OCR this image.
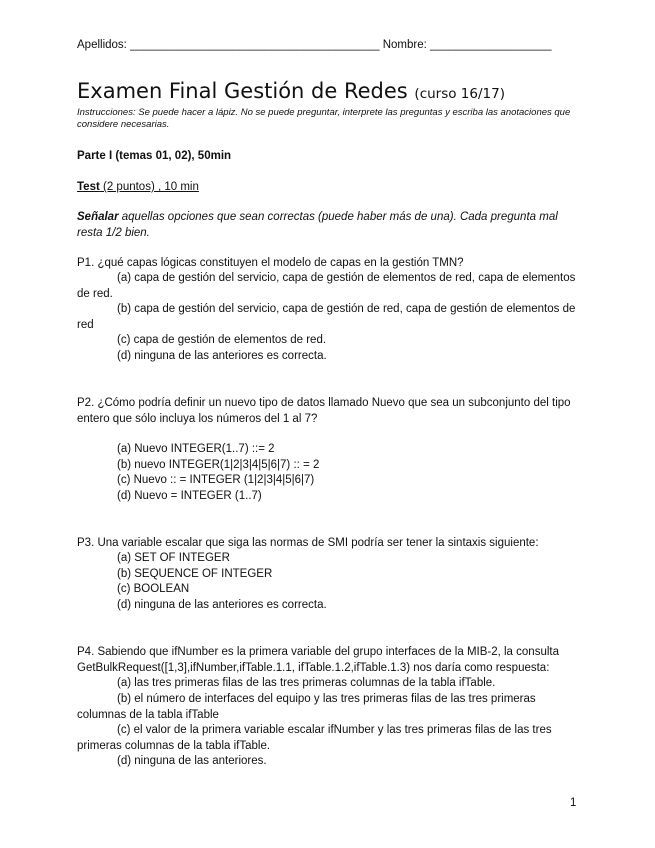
Apellidos: _______________________________________ Nombre: ___________________
Examen Final Gestión de Redes (curso 16/17)
Instrucciones: Se puede hacer a lápiz. No se puede preguntar, interprete las preguntas y escriba las anotaciones que considere necesarias.
Parte I (temas 01, 02), 50min
Test (2 puntos) , 10 min
Señalar aquellas opciones que sean correctas (puede haber más de una). Cada pregunta mal resta 1/2 bien.
P1. ¿qué capas lógicas constituyen el modelo de capas en la gestión TMN?
(a) capa de gestión del servicio, capa de gestión de elementos de red, capa de elementos de red.
(b) capa de gestión del servicio, capa de gestión de red, capa de gestión de elementos de red
(c) capa de gestión de elementos de red.
(d) ninguna de las anteriores es correcta.
P2. ¿Cómo podría definir un nuevo tipo de datos llamado Nuevo que sea un subconjunto del tipo entero que sólo incluya los números del 1 al 7?
(a) Nuevo INTEGER(1..7) ::= 2
(b) nuevo INTEGER(1|2|3|4|5|6|7) :: = 2
(c) Nuevo :: = INTEGER (1|2|3|4|5|6|7)
(d) Nuevo = INTEGER (1..7)
P3. Una variable escalar que siga las normas de SMI podría ser tener la sintaxis siguiente:
(a) SET OF INTEGER
(b) SEQUENCE OF INTEGER
(c) BOOLEAN
(d) ninguna de las anteriores es correcta.
P4. Sabiendo que ifNumber es la primera variable del grupo interfaces de la MIB-2, la consulta GetBulkRequest([1,3],ifNumber,ifTable.1.1, ifTable.1.2,ifTable.1.3) nos daría como respuesta:
(a) las tres primeras filas de las tres primeras columnas de la tabla ifTable.
(b) el número de interfaces del equipo y las tres primeras filas de las tres primeras columnas de la tabla ifTable
(c) el valor de la primera variable escalar ifNumber y las tres primeras filas de las tres primeras columnas de la tabla ifTable.
(d) ninguna de las anteriores.
1
